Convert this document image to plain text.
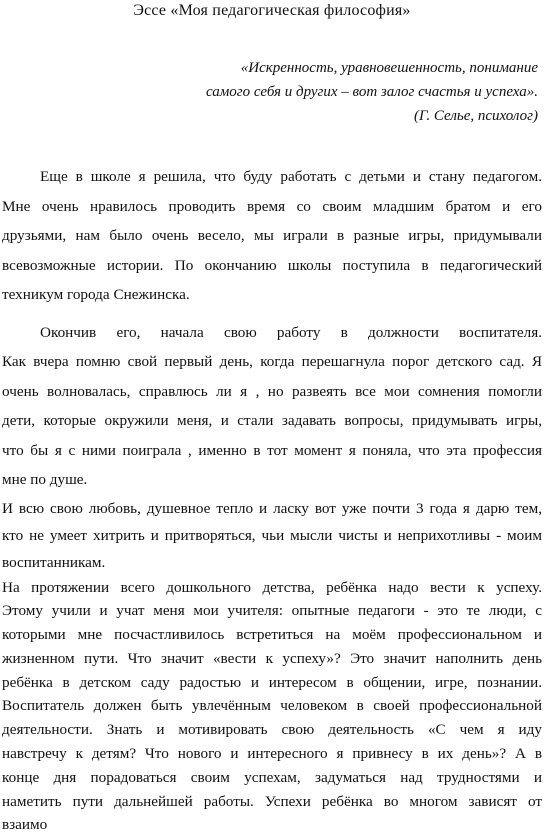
Эссе «Моя педагогическая философия»
«Искренность, уравновешенность, понимание
самого себя и других – вот залог счастья и успеха».
(Г. Селье, психолог)
Еще в школе я решила, что буду работать с детьми и стану педагогом.
Мне очень нравилось проводить время со своим младшим братом и его
друзьями, нам было очень весело, мы играли в разные игры, придумывали
всевозможные истории. По окончанию школы поступила в педагогический
техникум города Снежинска.
Окончив его, начала свою работу в должности воспитателя.
Как вчера помню свой первый день, когда перешагнула порог детского сад. Я
очень волновалась, справлюсь ли я , но развеять все мои сомнения помогли
дети, которые окружили меня, и стали задавать вопросы, придумывать игры,
что бы я с ними поиграла , именно в тот момент я поняла, что эта профессия
мне по душе.
И всю свою любовь, душевное тепло и ласку вот уже почти 3 года я дарю тем,
кто не умеет хитрить и притворяться, чьи мысли чисты и неприхотливы - моим
воспитанникам.
На протяжении всего дошкольного детства, ребёнка надо вести к успеху.
Этому учили и учат меня мои учителя: опытные педагоги - это те люди, с
которыми мне посчастливилось встретиться на моём профессиональном и
жизненном пути. Что значит «вести к успеху»? Это значит наполнить день
ребёнка в детском саду радостью и интересом в общении, игре, познании.
Воспитатель должен быть увлечённым человеком в своей профессиональной
деятельности. Знать и мотивировать свою деятельность «С чем я иду
навстречу к детям? Что нового и интересного я привнесу в их день»? А в
конце дня порадоваться своим успехам, задуматься над трудностями и
наметить пути дальнейшей работы. Успехи ребёнка во многом зависят от
взаимо
